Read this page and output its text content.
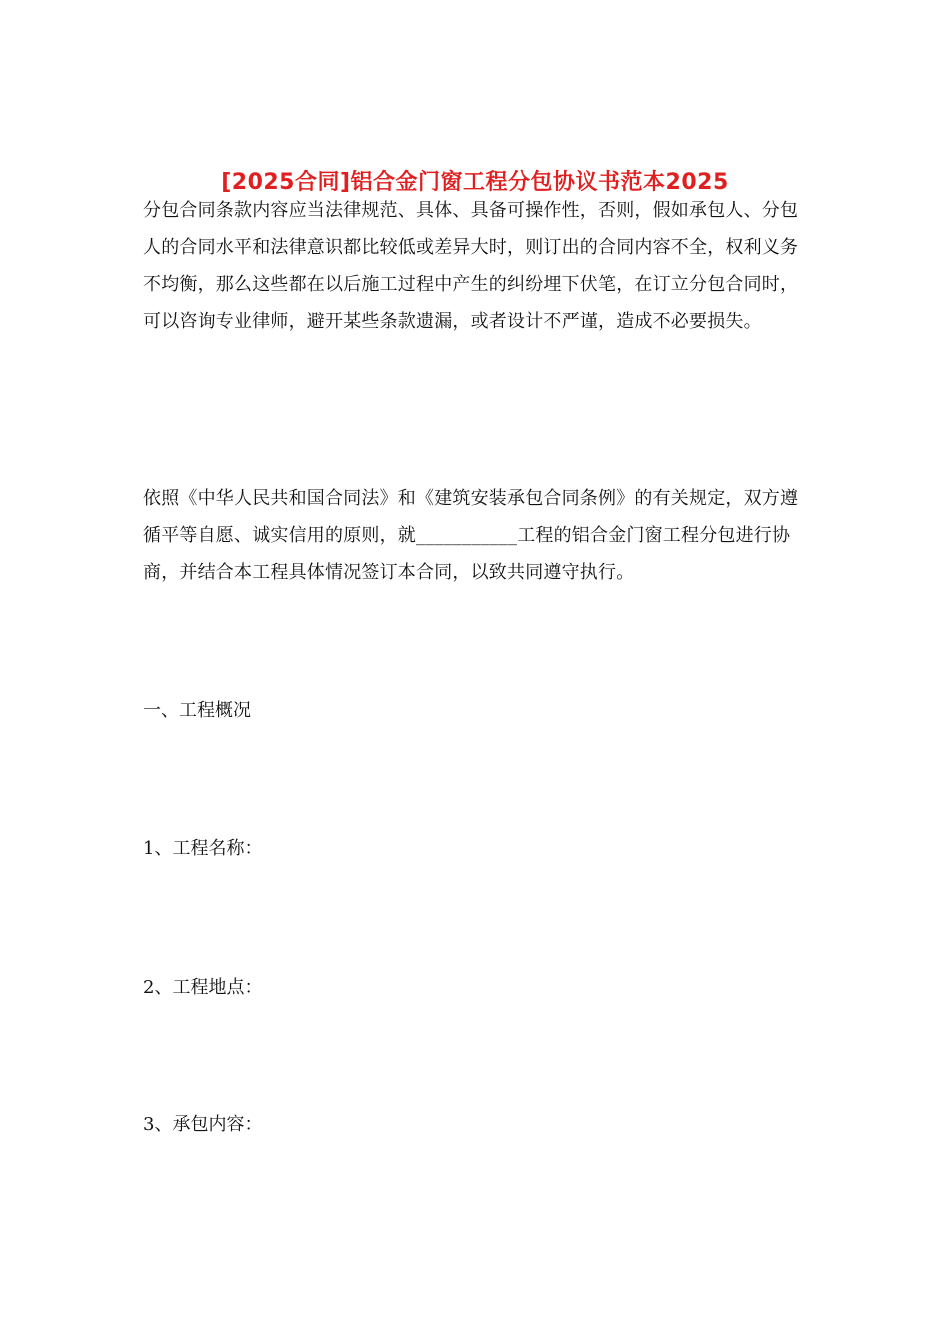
[2025合同]铝合金门窗工程分包协议书范本2025

分包合同条款内容应当法律规范、具体、具备可操作性，否则，假如承包人、分包人的合同水平和法律意识都比较低或差异大时，则订出的合同内容不全，权利义务不均衡，那么这些都在以后施工过程中产生的纠纷埋下伏笔，在订立分包合同时，可以咨询专业律师，避开某些条款遗漏，或者设计不严谨，造成不必要损失。

依照《中华人民共和国合同法》和《建筑安装承包合同条例》的有关规定，双方遵循平等自愿、诚实信用的原则，就___________工程的铝合金门窗工程分包进行协商，并结合本工程具体情况签订本合同，以致共同遵守执行。

一、工程概况

1、工程名称：

2、工程地点：

3、承包内容：
